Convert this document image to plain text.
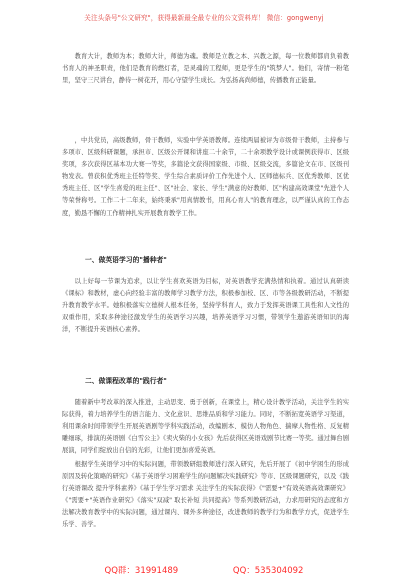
关注头条号"公文研究"，获得最新最全最专业的公文资料库！ 微信：gongwenyj

教育大计，教师为本；教师大计，师德为魂。教师是立教之本、兴教之源，每一位教师都肩负着教书育人的神圣职责，他们是教育的燃灯者，是灵魂的工程师，更是学生的"筑梦人"。他们，寄情一粉笔里，坚守三尺讲台，静待一树花开，用心守望学生成长。为弘扬高尚师德，传播教育正能量。

，中共党员，高级教师，骨干教师，实验中学英语教师。连续两届被评为市级骨干教师，主持参与多项市、区级科研课题，承担市、区级公开课和讲座二十余节，二十余项教学设计或课例获得市、区级奖项，多次获得区基本功大赛一等奖，多篇论文获得国家级、市级、区级交流，多篇论文在市、区级刊物发表。曾获积优秀班主任特等奖、学生综合素质评价工作先进个人、区师德标兵、区优秀教师、区优秀班主任、区"学生喜爱的班主任"、区"社会、家长、学生"满意的好教师、区"构建高效课堂"先进个人等荣誉称号。工作二十二年来，始终秉承"用真情教书，用真心育人"的教育理念，以严谨认真的工作态度，勤恳不懈的工作精神扎实开展教育教学工作。

一、做英语学习的"播种者"

以上好每一节课为追求，以让学生喜欢英语为目标，对英语教学充满热情和执着。通过认真研读《课标》和教材，虚心向经验丰富的教师学习教学方法，积极参加校、区、市等各级教研活动，不断提升教育教学水平。她积极落实立德树人根本任务，坚持学科育人，致力于发挥英语课工具性和人文性的双重作用，采取多种途径激发学生的英语学习兴趣，培养英语学习习惯，带领学生遨游英语知识的海洋，不断提升英语核心素养。

二、做课程改革的"践行者"

随着新中考改革的深入推进，主动思变、勇于创新，在课堂上，精心设计教学活动，关注学生的实际获得，着力培养学生的语言能力、文化意识、思维品质和学习能力。同时，不断拓宽英语学习渠道，利用课余时间带领学生开展英语剧等学科实践活动，改编剧本、模仿人物角色、揣摩人物性格、反复精雕细琢，排演的英语剧《白雪公主》《卖火柴的小女孩》先后获得区英语戏剧节比赛一等奖。通过舞台剧展演，同学们绽放出自信的光彩，让他们更加喜爱英语。

根据学生英语学习中的实际问题，带领教研组教师进行深入研究，先后开展了《初中学困生的形成原因及转化策略的研究》《基于英语学习困难学生的问题解决实践研究》等市、区级课题研究，以及《践行英语课改 提升学科素养》《基于学生学习需求 关注学生的实际获得》《"需要+"有效英语高效课研究》《"需要+"英语作业研究》《落实"双减" 取长补短 共同提高》等系列教研活动，力求用研究的态度和方法解决教育教学中的实际问题，通过课内、课外多种途径，改进教师的教学行为和教学方式，促进学生乐学、善学。

QQ群：31991489	QQ：535304092
